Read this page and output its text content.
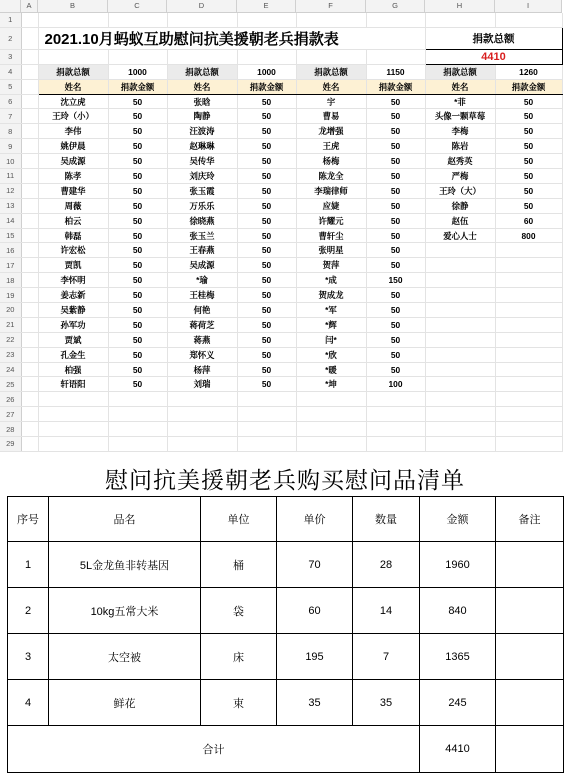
A	B	C	D	E	F	G	H	I
1									
2		2021.10月蚂蚁互助慰问抗美援朝老兵捐款表						捐款总额	
3								4410	
4		捐款总额	1000	捐款总额	1000	捐款总额	1150	捐款总额	1260
5		姓名	捐款金额	姓名	捐款金额	姓名	捐款金额	姓名	捐款金额
6		沈立虎	50	张晗	50	宇	50	*菲	50
7		王玲（小）	50	陶静	50	曹易	50	头像一颗草莓	50
8		李伟	50	汪波涛	50	龙增强	50	李梅	50
9		姚伊晨	50	赵琳琳	50	王虎	50	陈岩	50
10		吴成源	50	吴传华	50	杨梅	50	赵秀英	50
11		陈孝	50	刘庆玲	50	陈龙全	50	严梅	50
12		曹建华	50	张玉霞	50	李瑞律师	50	王玲（大）	50
13		周薇	50	万乐乐	50	应婕	50	徐静	50
14		柏云	50	徐晓燕	50	许耀元	50	赵伍	60
15		韩磊	50	张玉兰	50	曹轩尘	50	爱心人士	800
16		许宏松	50	王春燕	50	张明星	50		
17		贾凯	50	吴成源	50	贺萍	50		
18		李怀明	50	*瑜	50	*成	150		
19		姜志新	50	王桂梅	50	贺成龙	50		
20		吴紫静	50	何艳	50	*军	50		
21		孙军功	50	蒋荷芝	50	*辉	50		
22		贾斌	50	蒋燕	50	闫*	50		
23		孔金生	50	郑怀义	50	*欣	50		
24		柏强	50	杨萍	50	*暖	50		
25		轩语阳	50	刘瑞	50	*坤	100		
26									
27									
28									
29									
慰问抗美援朝老兵购买慰问品清单
序号	品名	单位	单价	数量	金额	备注
1	5L金龙鱼非转基因	桶	70	28	1960	
2	10kg五常大米	袋	60	14	840	
3	太空被	床	195	7	1365	
4	鲜花	束	35	35	245	
合计					4410	
